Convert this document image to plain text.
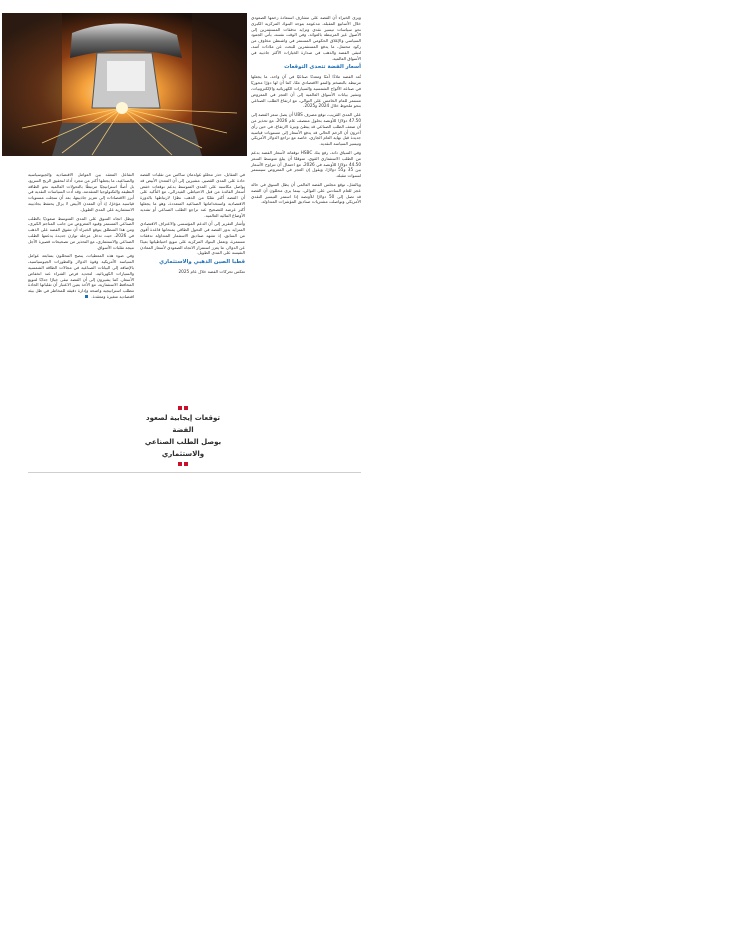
ويرى الخبراء أن الفضة على مشارف استعادة زخمها الصعودي خلال الأسابيع المقبلة، مدعومة بتوجه البنوك المركزية الكبرى نحو سياسات تيسير نقدي وتزايد تدفقات المستثمرين إلى الأصول غير المرتبطة بالعوائد، وفي الوقت نفسه، يأتي الجمود السياسي والإغلاق الحكومي المستمر في واشنطن مخاوف من ركود محتمل، ما يدفع المستثمرين للبحث عن ملاذات آمنة، لتبقى الفضة والذهب في صدارة الخيارات الأكثر جاذبية في الأسواق العالمية.

أسعار الفضة تتحدى التوقعات

تُعد الفضة ملاذًا آمنًا ومعدنًا صناعيًا في آن واحد، ما يجعلها مرتبطة بالتضخم والنمو الاقتصادي معًا، كما أن لها دورًا محوريًا في صناعة الألواح الشمسية والسيارات الكهربائية والإلكترونيات، وتشير بيانات الأسواق العالمية إلى أن العجز في المعروض مستمر للعام الخامس على التوالي، مع ارتفاع الطلب الصناعي بنحو ملحوظ خلال 2024 و2025.

على المدى القريب، توقع مصرف UBS أن يصل سعر الفضة إلى 47.50 دولارًا للأونصة بحلول منتصف عام 2026، مع تحذير من أن ضعف الطلب الصناعي قد يبطئ وتيرة الارتفاع، في حين رأى آخرون أن الزخم الحالي قد يدفع الأسعار إلى مستويات قياسية جديدة قبل نهاية العام الجاري، خاصة مع تراجع الدولار الأمريكي وتيسير السياسة النقدية.

وفي السياق ذاته، رفع بنك HSBC توقعاته لأسعار الفضة بدعم من الطلب الاستثماري القوي، متوقعًا أن يبلغ متوسط السعر 44.50 دولارًا للأونصة في 2026، مع احتمال أن تتراوح الأسعار بين 35 و55 دولارًا، ويقول إن العجز في المعروض سيستمر لسنوات مقبلة.

وبالمثل، توقع مجلس الفضة العالمي أن يظل السوق في حالة عجز للعام السادس على التوالي، بينما يرى محللون أن الفضة قد تصل إلى 50 دولارًا للأونصة إذا استمر التيسير النقدي الأمريكي وتواصلت مشتريات صناديق المؤشرات المتداولة.

في المقابل، حذر محللو غولدمان ساكس من تقلبات الفضة حادة على المدى القصير، مشيرين إلى أن المعدن الأبيض قد يواصل مكاسبه على المدى المتوسط بدعم توقعات خفض أسعار الفائدة من قبل الاحتياطي الفيدرالي، مع التأكيد على أن الفضة أكثر تقلبًا من الذهب نظرًا لارتباطها بالدورة الاقتصادية واستخداماتها الصناعية المتعددة، وهو ما يجعلها أكثر عرضة للتصحيح عند تراجع الطلب الصناعي أو تشديد الأوضاع المالية العالمية.

وأشار التقرير إلى أن الدعم المؤسسي والاعتراف الاقتصادي المتزايد بدور الفضة في التحول الطاقي يمنحانها قاعدة أقوى من السابق، إذ تشهد صناديق الاستثمار المتداولة تدفقات مستمرة، وتعمل البنوك المركزية على تنويع احتياطياتها بعيدًا عن الدولار، ما يعزز استمرار الاتجاه الصعودي لأسعار المعادن النفيسة على المدى الطويل.

قطبا الصين الذهبي والاستثماري

تعكس تحركات الفضة خلال عام 2025

توقعات إيجابية لصعود الفضة
بوصل الطلب الصناعي
والاستثماري

التفاعل المعقد بين العوامل الاقتصادية والجيوسياسية والصناعية، ما يجعلها أكثر من مجرد أداة لتحقيق الربح السريع، بل أصلًا استراتيجيًا مرتبطًا بالتحولات العالمية نحو الطاقة النظيفة والتكنولوجيا المتقدمة، وقد أدت السياسات النقدية في أبرز الاقتصادات إلى تعزيز جاذبيتها، بعد أن سجلت مستويات قياسية مؤخرًا، إذ أن المعدن الأبيض لا يزال يحتفظ بجاذبيته الاستثمارية على المدى الطويل.

ويظل اتجاه السوق على المدى المتوسط صعوديًا بالطلب الصناعي المستمر وقيود المعروض من جانب المناجم الكبرى، ومن هذا المنطلق يتوقع الخبراء أن تتفوق الفضة على الذهب في 2026، حيث تدخل مرحلة توازن جديدة يدعمها الطلب الصناعي والاستثماري، مع التحذير من تصحيحات قصيرة الأجل نتيجة تقلبات الأسواق.

وفي ضوء هذه المعطيات، ينصح المحللون بمتابعة عوامل السياسة الأمريكية وقوة الدولار والتطورات الجيوسياسية، بالإضافة إلى البيانات الصناعية في مجالات الطاقة الشمسية والسيارات الكهربائية، لتحديد فرص الشراء عند انخفاض الأسعار، كما يشيرون إلى أن الفضة تبقى خيارًا جذابًا لتنويع المحافظ الاستثمارية، مع الأخذ بعين الاعتبار أن تقلباتها الحادة تتطلب استراتيجية واضحة وإدارة دقيقة للمخاطر في ظل بيئة اقتصادية متغيرة ومعقدة.
